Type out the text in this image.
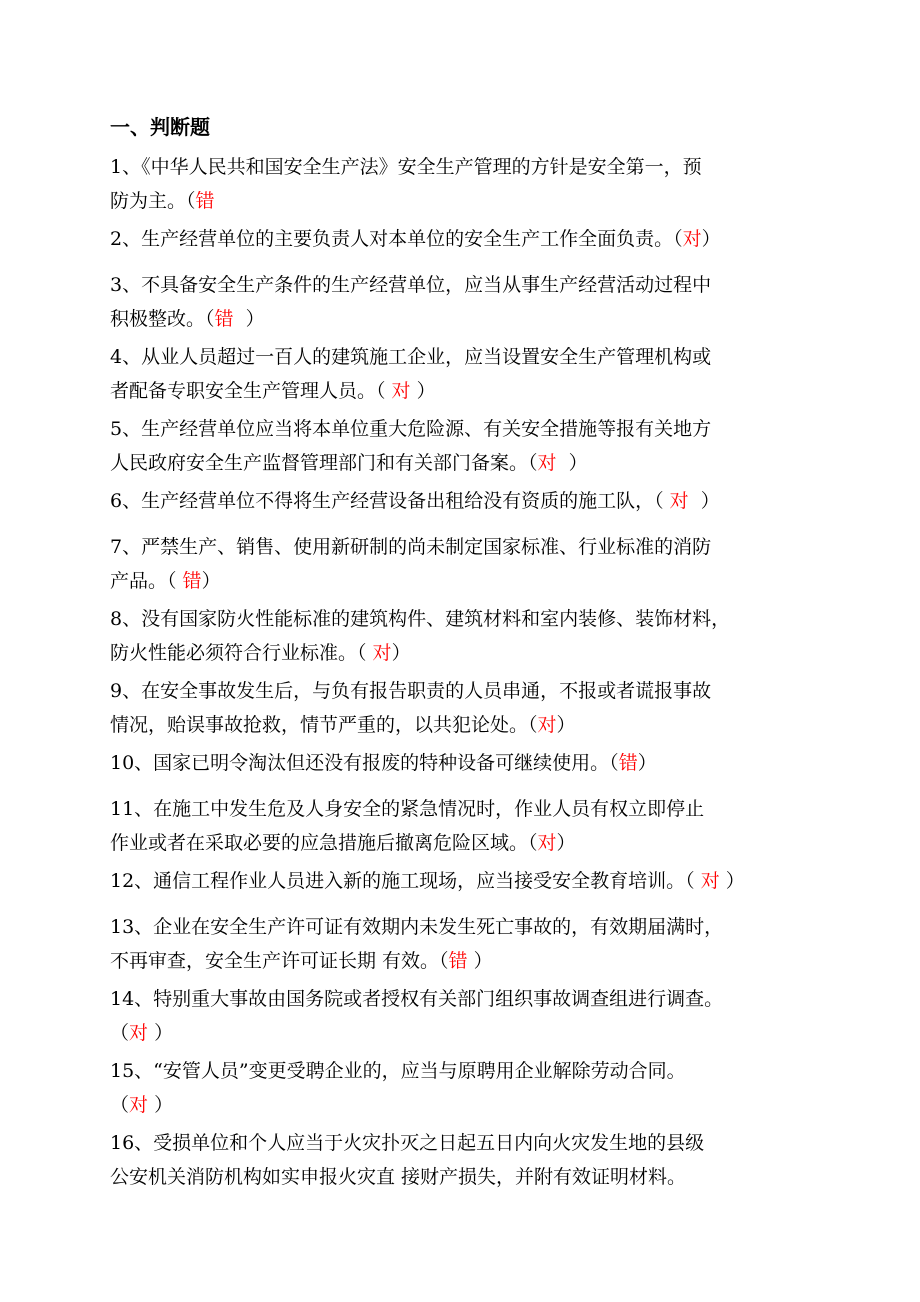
一、判断题
1、《中华人民共和国安全生产法》安全生产管理的方针是安全第一，预
防为主。（错
2、生产经营单位的主要负责人对本单位的安全生产工作全面负责。（对）
3、不具备安全生产条件的生产经营单位，应当从事生产经营活动过程中
积极整改。（错  ）
4、从业人员超过一百人的建筑施工企业，应当设置安全生产管理机构或
者配备专职安全生产管理人员。（ 对 ）
5、生产经营单位应当将本单位重大危险源、有关安全措施等报有关地方
人民政府安全生产监督管理部门和有关部门备案。（对  ）
6、生产经营单位不得将生产经营设备出租给没有资质的施工队，（ 对  ）
7、严禁生产、销售、使用新研制的尚未制定国家标准、行业标准的消防
产品。（ 错）
8、没有国家防火性能标准的建筑构件、建筑材料和室内装修、装饰材料，
防火性能必须符合行业标准。（ 对）
9、在安全事故发生后，与负有报告职责的人员串通，不报或者谎报事故
情况，贻误事故抢救，情节严重的，以共犯论处。（对）
10、国家已明令淘汰但还没有报废的特种设备可继续使用。（错）
11、在施工中发生危及人身安全的紧急情况时，作业人员有权立即停止
作业或者在采取必要的应急措施后撤离危险区域。（对）
12、通信工程作业人员进入新的施工现场，应当接受安全教育培训。（ 对 ）
13、企业在安全生产许可证有效期内未发生死亡事故的，有效期届满时，
不再审查，安全生产许可证长期 有效。（错 ）
14、特别重大事故由国务院或者授权有关部门组织事故调查组进行调查。
（对 ）
15、“安管人员”变更受聘企业的，应当与原聘用企业解除劳动合同。
（对 ）
16、受损单位和个人应当于火灾扑灭之日起五日内向火灾发生地的县级
公安机关消防机构如实申报火灾直 接财产损失，并附有效证明材料。
